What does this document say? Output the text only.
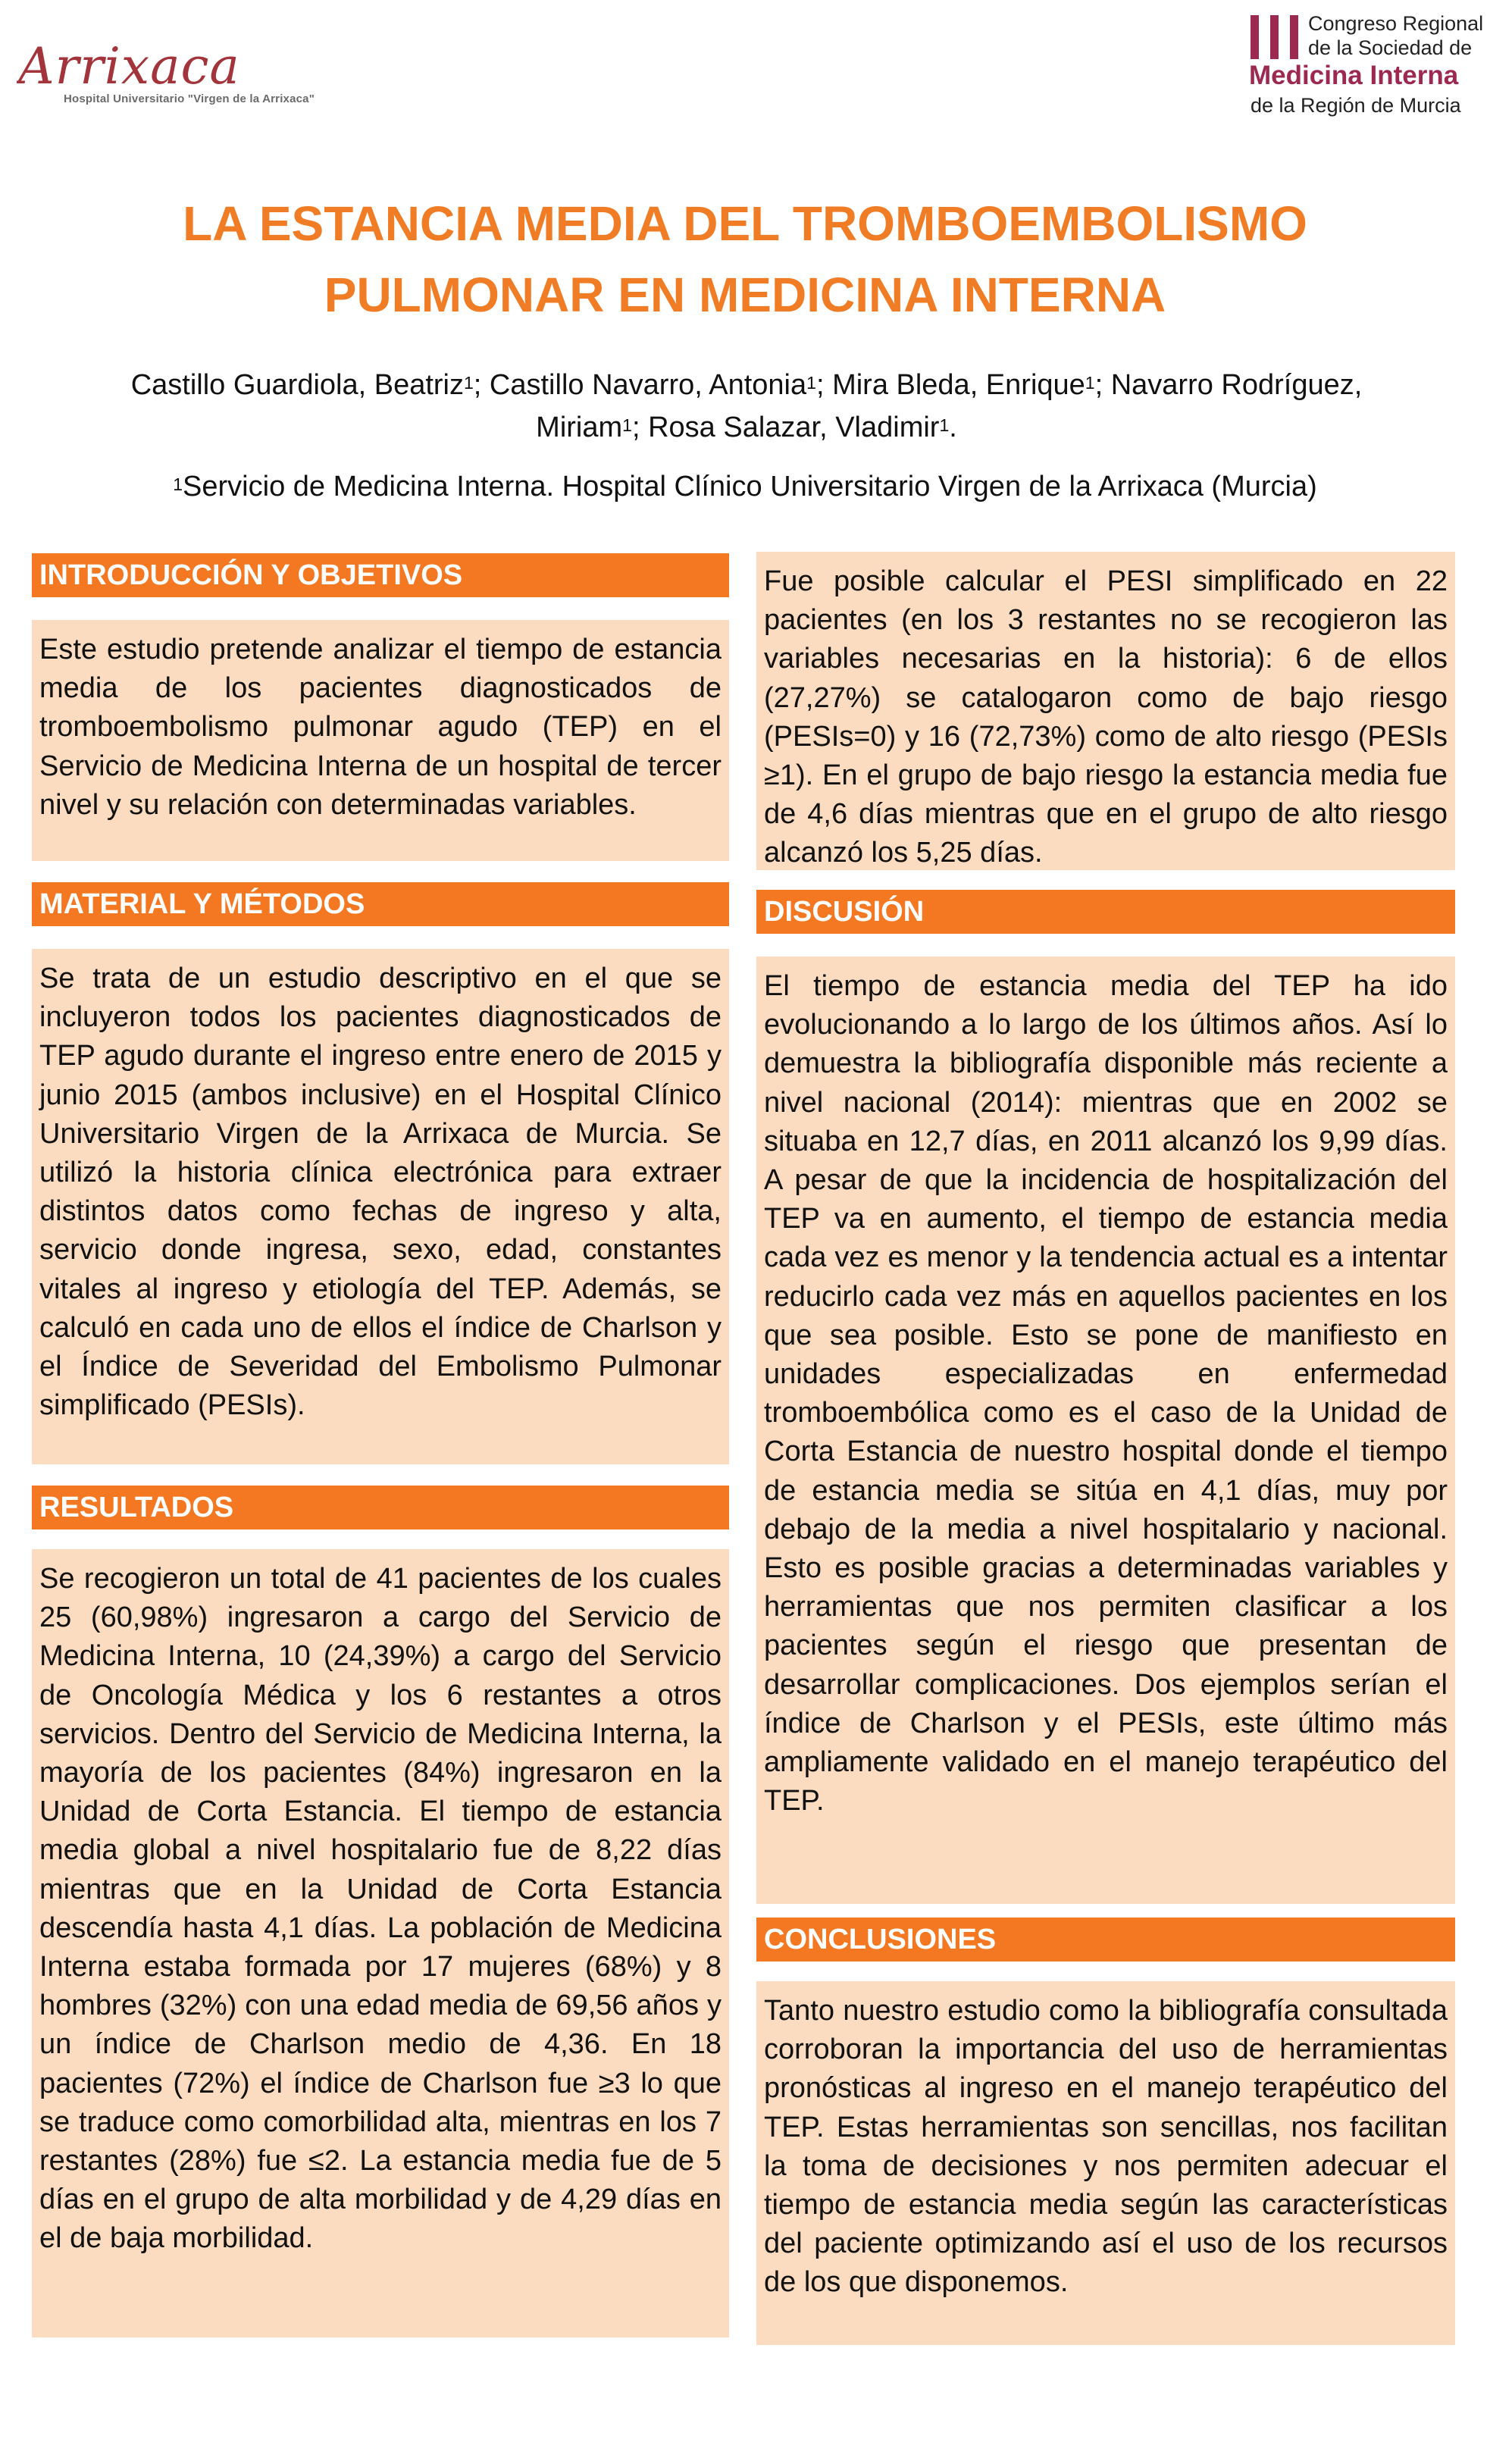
Arrixaca
Hospital Universitario "Virgen de la Arrixaca"
Congreso Regional
de la Sociedad de
Medicina Interna
de la Región de Murcia
LA ESTANCIA MEDIA DEL TROMBOEMBOLISMO
PULMONAR EN MEDICINA INTERNA
Castillo Guardiola, Beatriz$^1$; Castillo Navarro, Antonia$^1$; Mira Bleda, Enrique$^1$; Navarro Rodríguez, Miriam$^1$; Rosa Salazar, Vladimir$^1$.
$^1$Servicio de Medicina Interna. Hospital Clínico Universitario Virgen de la Arrixaca (Murcia)
INTRODUCCIÓN Y OBJETIVOS
Este estudio pretende analizar el tiempo de estancia media de los pacientes diagnosticados de tromboembolismo pulmonar agudo (TEP) en el Servicio de Medicina Interna de un hospital de tercer nivel y su relación con determinadas variables.
MATERIAL Y MÉTODOS
Se trata de un estudio descriptivo en el que se incluyeron todos los pacientes diagnosticados de TEP agudo durante el ingreso entre enero de 2015 y junio 2015 (ambos inclusive) en el Hospital Clínico Universitario Virgen de la Arrixaca de Murcia. Se utilizó la historia clínica electrónica para extraer distintos datos como fechas de ingreso y alta, servicio donde ingresa, sexo, edad, constantes vitales al ingreso y etiología del TEP. Además, se calculó en cada uno de ellos el índice de Charlson y el Índice de Severidad del Embolismo Pulmonar simplificado (PESIs).
RESULTADOS
Se recogieron un total de 41 pacientes de los cuales 25 (60,98%) ingresaron a cargo del Servicio de Medicina Interna, 10 (24,39%) a cargo del Servicio de Oncología Médica y los 6 restantes a otros servicios. Dentro del Servicio de Medicina Interna, la mayoría de los pacientes (84%) ingresaron en la Unidad de Corta Estancia. El tiempo de estancia media global a nivel hospitalario fue de 8,22 días mientras que en la Unidad de Corta Estancia descendía hasta 4,1 días. La población de Medicina Interna estaba formada por 17 mujeres (68%) y 8 hombres (32%) con una edad media de 69,56 años y un índice de Charlson medio de 4,36. En 18 pacientes (72%) el índice de Charlson fue ≥3 lo que se traduce como comorbilidad alta, mientras en los 7 restantes (28%) fue ≤2. La estancia media fue de 5 días en el grupo de alta morbilidad y de 4,29 días en el de baja morbilidad.
Fue posible calcular el PESI simplificado en 22 pacientes (en los 3 restantes no se recogieron las variables necesarias en la historia): 6 de ellos (27,27%) se catalogaron como de bajo riesgo (PESIs=0) y 16 (72,73%) como de alto riesgo (PESIs ≥1). En el grupo de bajo riesgo la estancia media fue de 4,6 días mientras que en el grupo de alto riesgo alcanzó los 5,25 días.
DISCUSIÓN
El tiempo de estancia media del TEP ha ido evolucionando a lo largo de los últimos años. Así lo demuestra la bibliografía disponible más reciente a nivel nacional (2014): mientras que en 2002 se situaba en 12,7 días, en 2011 alcanzó los 9,99 días. A pesar de que la incidencia de hospitalización del TEP va en aumento, el tiempo de estancia media cada vez es menor y la tendencia actual es a intentar reducirlo cada vez más en aquellos pacientes en los que sea posible. Esto se pone de manifiesto en unidades especializadas en enfermedad tromboembólica como es el caso de la Unidad de Corta Estancia de nuestro hospital donde el tiempo de estancia media se sitúa en 4,1 días, muy por debajo de la media a nivel hospitalario y nacional. Esto es posible gracias a determinadas variables y herramientas que nos permiten clasificar a los pacientes según el riesgo que presentan de desarrollar complicaciones. Dos ejemplos serían el índice de Charlson y el PESIs, este último más ampliamente validado en el manejo terapéutico del TEP.
CONCLUSIONES
Tanto nuestro estudio como la bibliografía consultada corroboran la importancia del uso de herramientas pronósticas al ingreso en el manejo terapéutico del TEP. Estas herramientas son sencillas, nos facilitan la toma de decisiones y nos permiten adecuar el tiempo de estancia media según las características del paciente optimizando así el uso de los recursos de los que disponemos.
